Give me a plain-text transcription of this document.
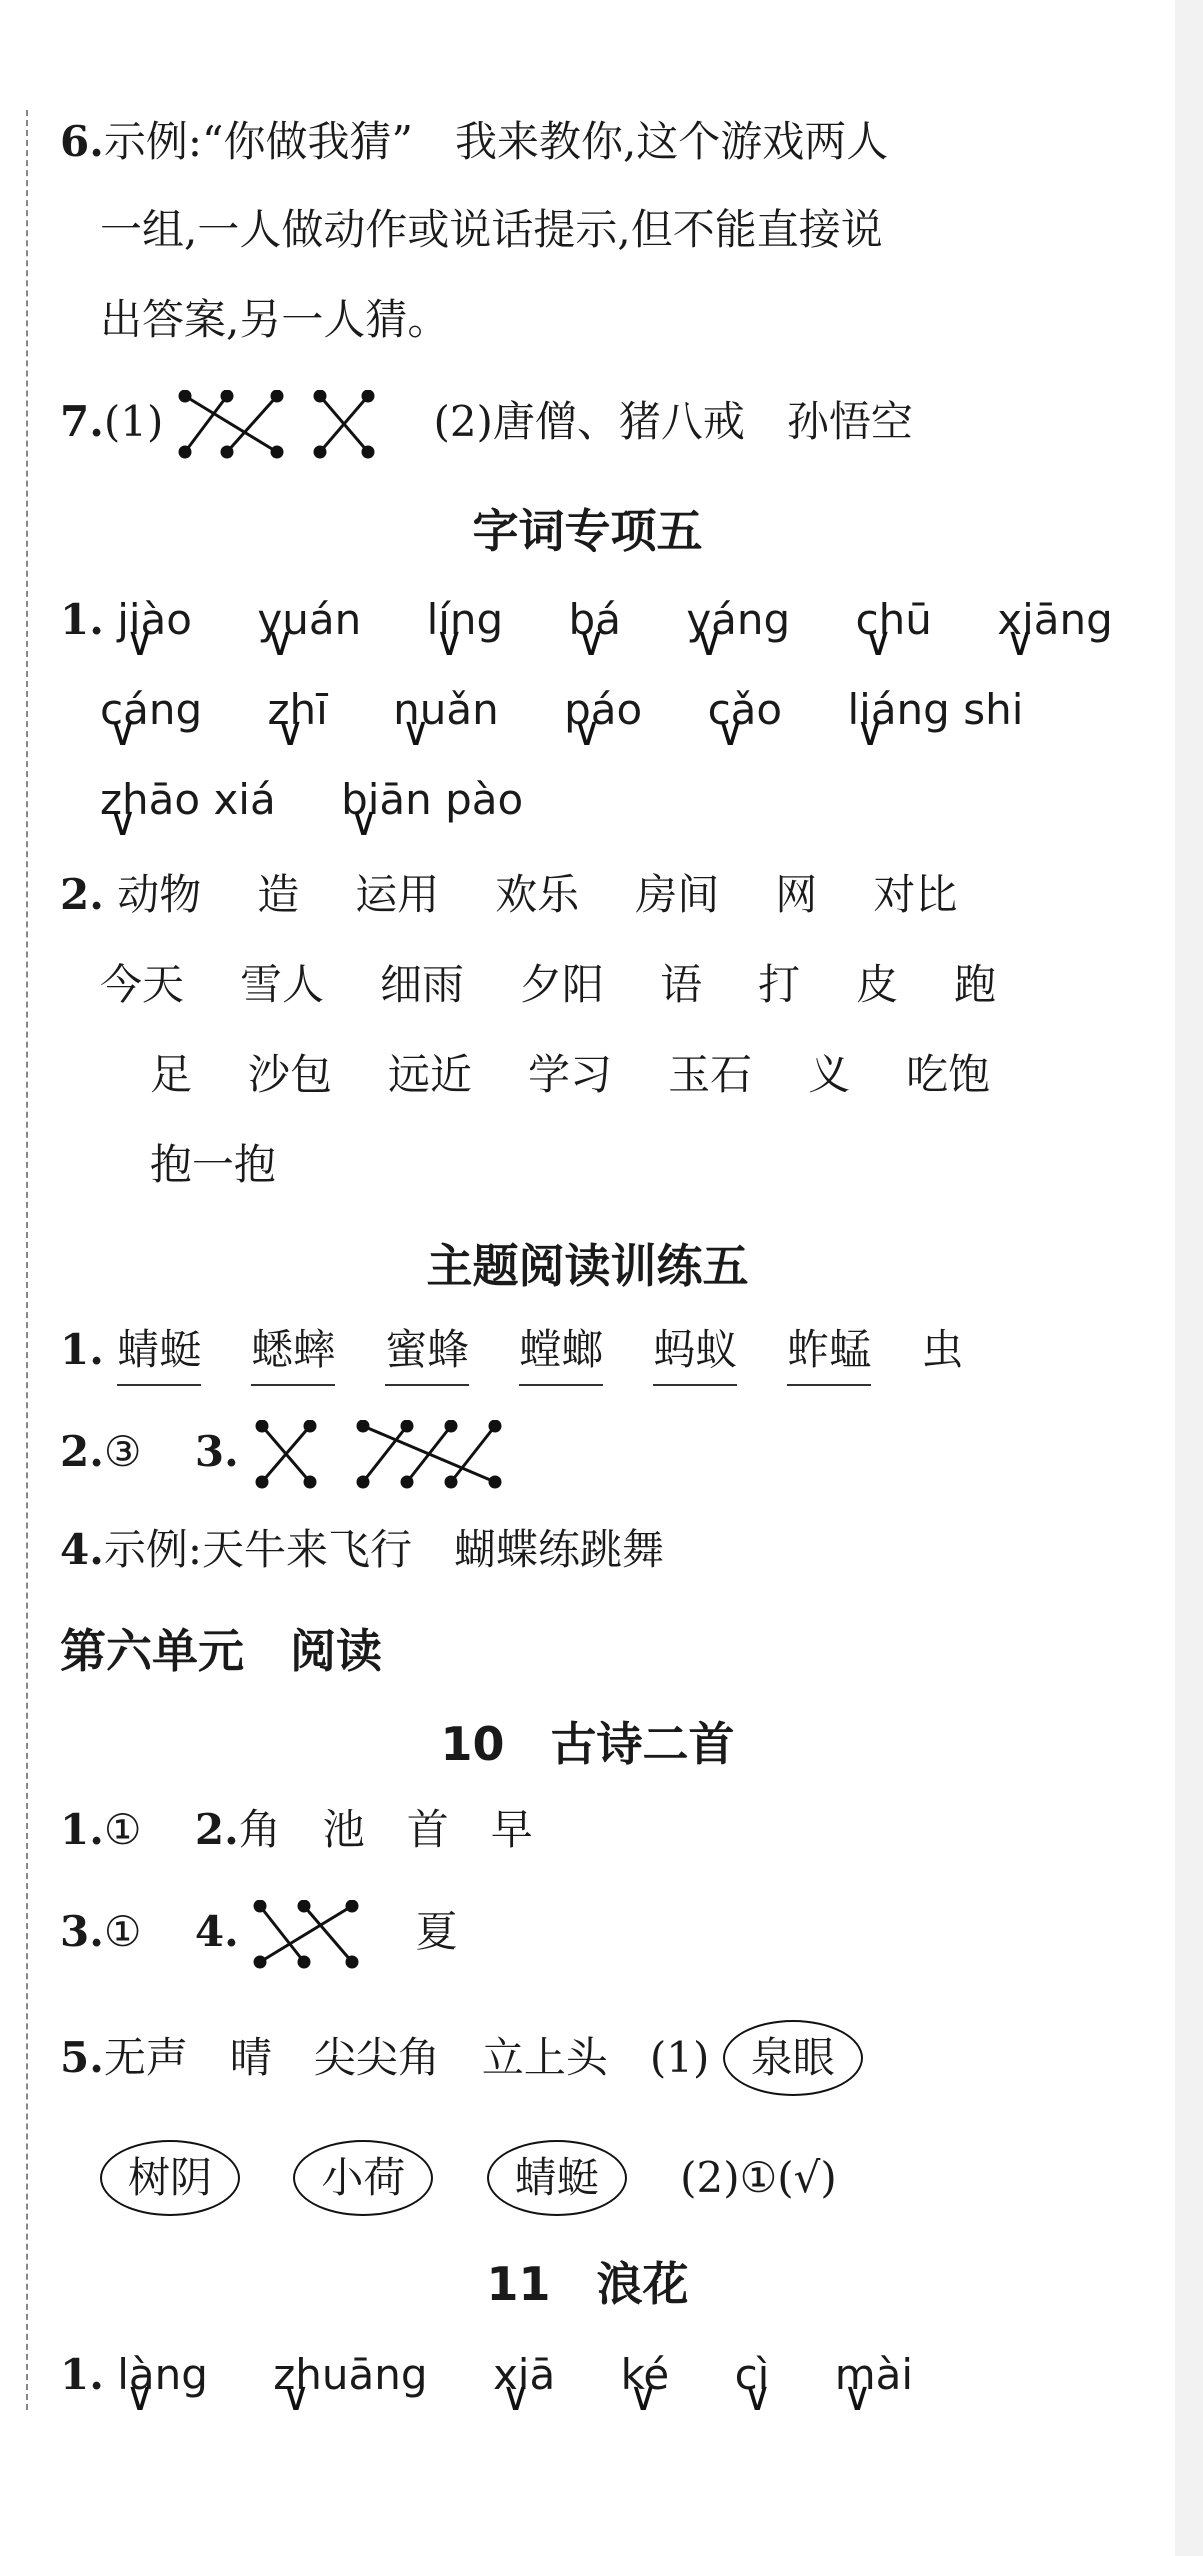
6.示例:“你做我猜”　我来教你,这个游戏两人
一组,一人做动作或说话提示,但不能直接说
出答案,另一人猜。
7.(1)	(2)唐僧、猪八戒　孙悟空
字词专项五
1. jiào ∨ yuán ∨ líng ∨ bá ∨ yáng ∨ chū ∨ xiāng ∨
cáng ∨ zhī ∨ nuǎn ∨ páo ∨ cǎo ∨ liáng shi ∨
zhāo xiá ∨ biān pào ∨
2. 动物 造 运用 欢乐 房间 网 对比
今天 雪人 细雨 夕阳 语 打 皮 跑
足 沙包 远近 学习 玉石 义 吃饱
抱一抱
主题阅读训练五
1. 蜻蜓 蟋蟀 蜜蜂 螳螂 蚂蚁 蚱蜢 虫
2.③ 3.
4.示例:天牛来飞行　蝴蝶练跳舞
第六单元　阅读
10　古诗二首
1.① 2.角　池　首　早
3.① 4.	夏
5.无声　晴　尖尖角　立上头　(1) 泉眼
树阴	小荷	蜻蜓 (2)①(√)
11　浪花
1. làng ∨ zhuāng ∨ xiā ∨ ké ∨ cì ∨ mài ∨
